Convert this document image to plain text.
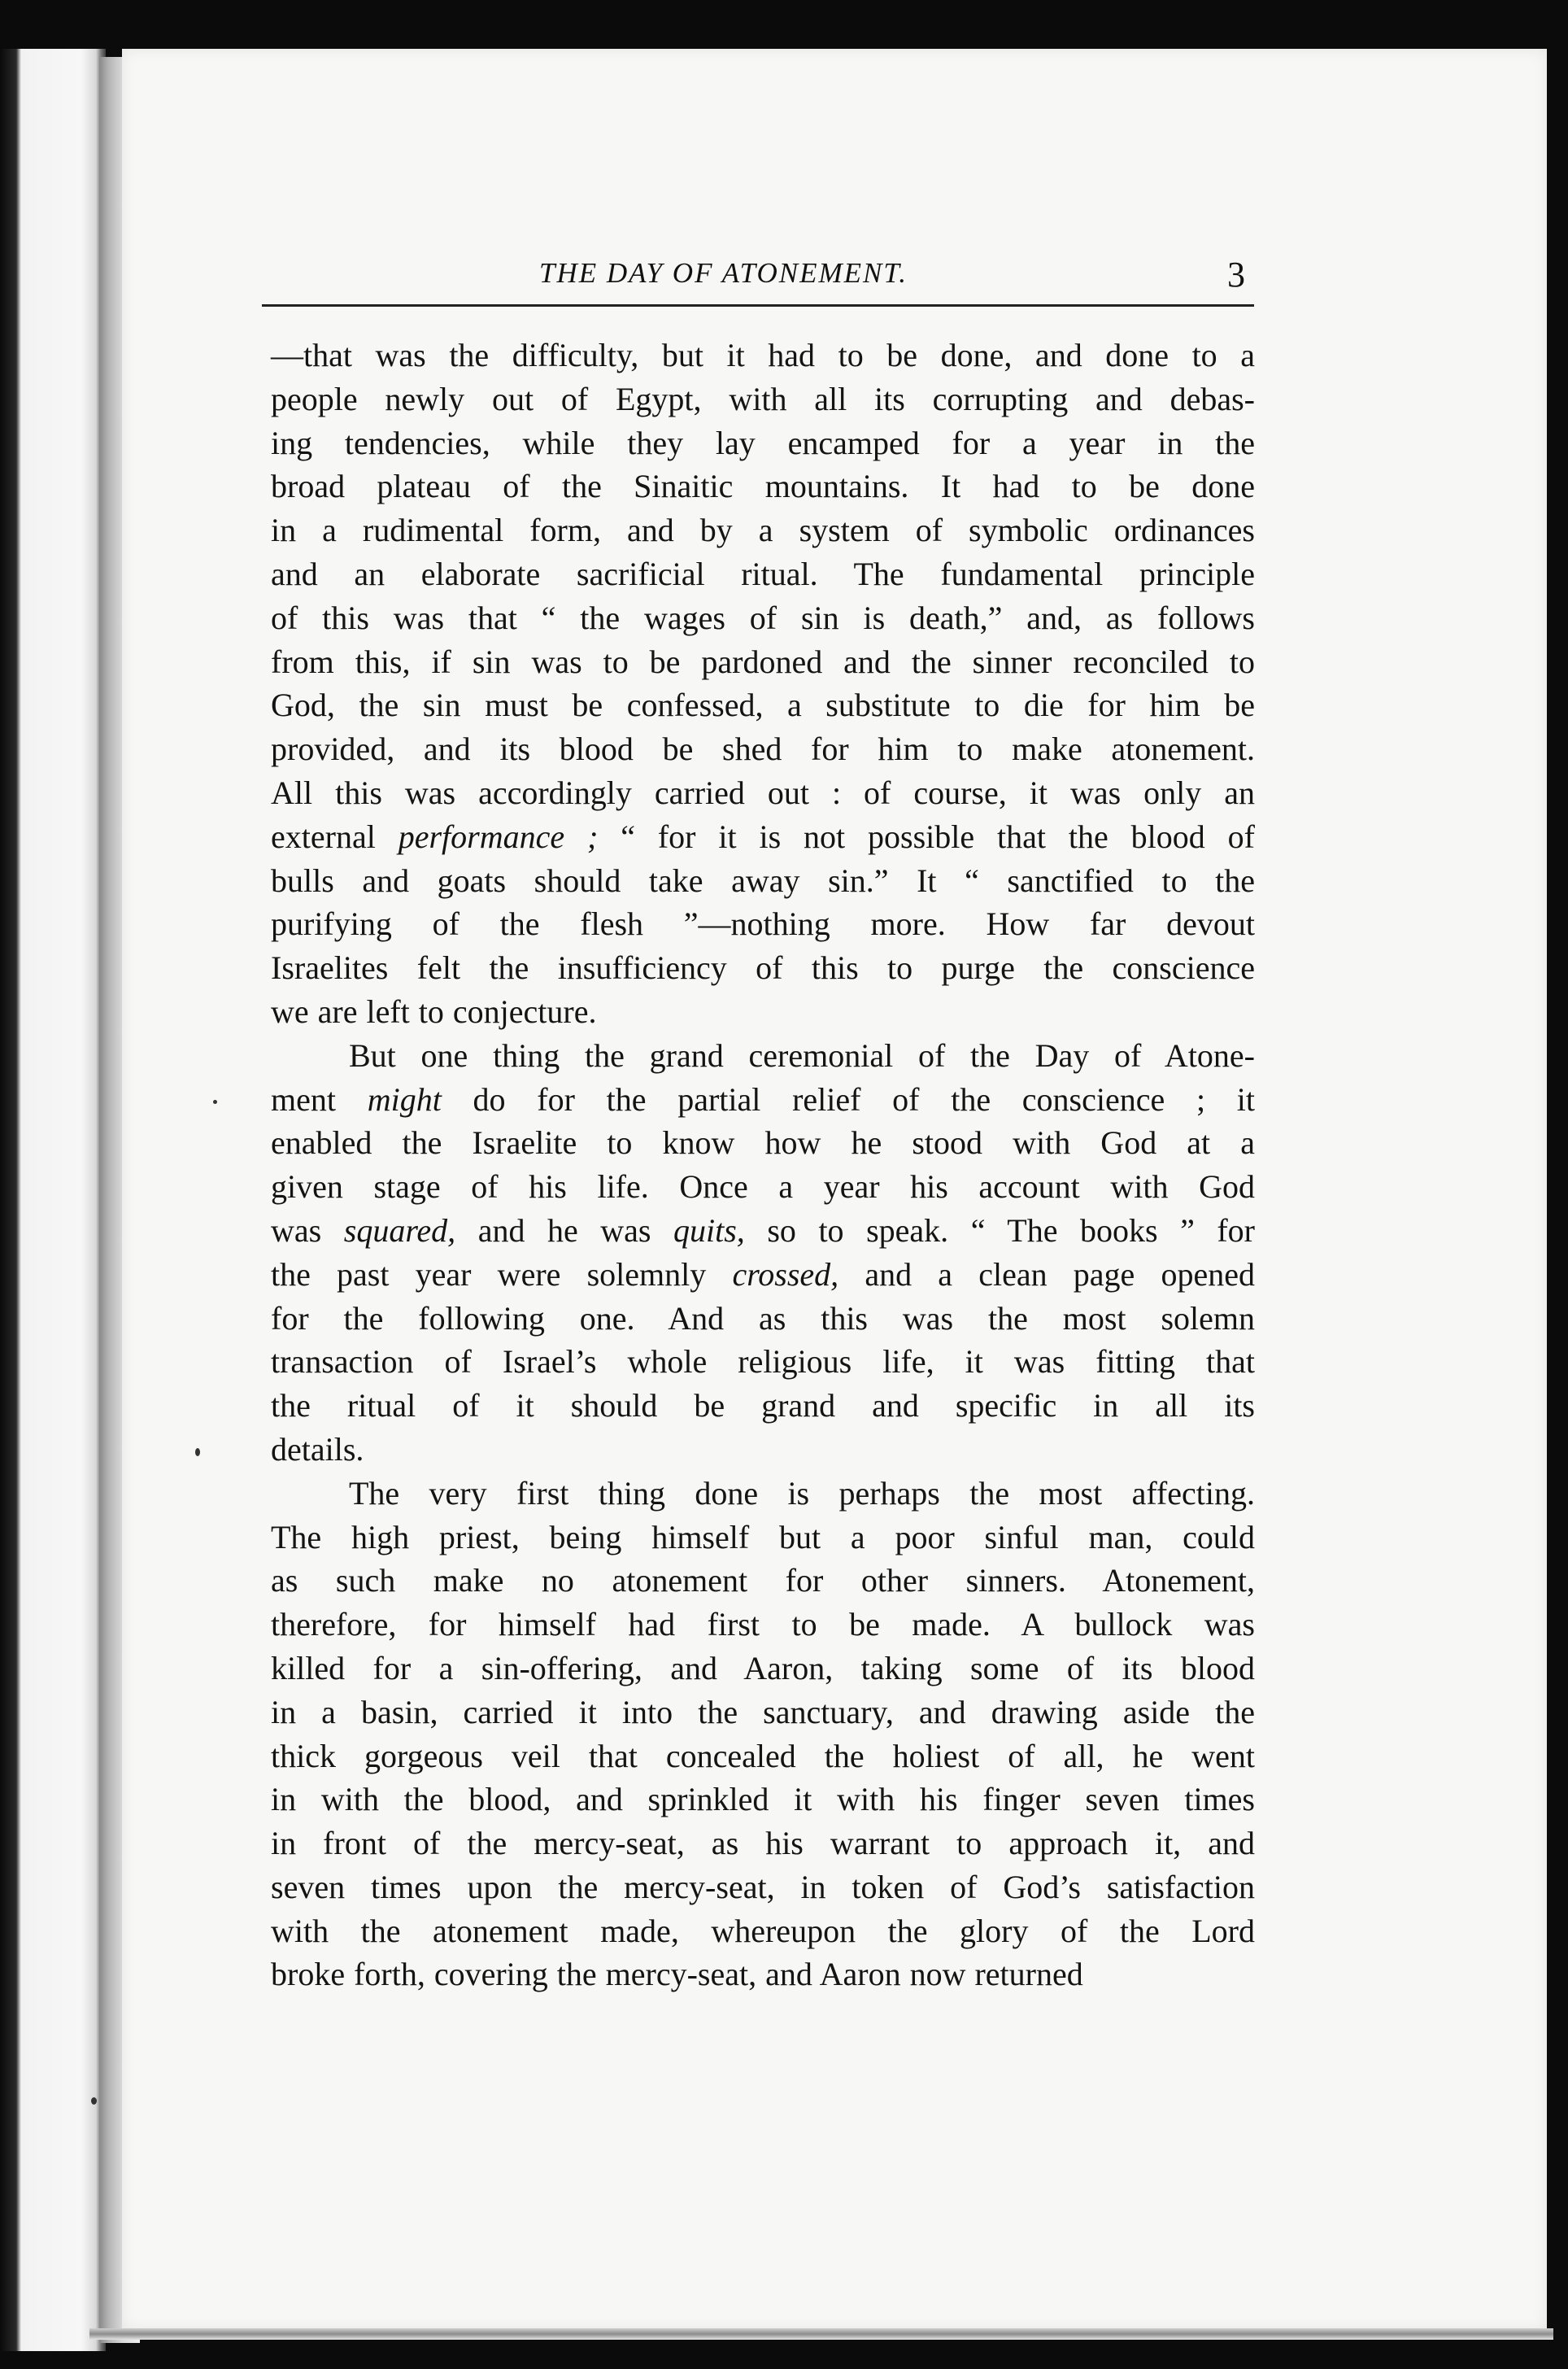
THE DAY OF ATONEMENT.	3
—that was the difficulty, but it had to be done, and done to a
people newly out of Egypt, with all its corrupting and debas-
ing tendencies, while they lay encamped for a year in the
broad plateau of the Sinaitic mountains. It had to be done
in a rudimental form, and by a system of symbolic ordinances
and an elaborate sacrificial ritual. The fundamental principle
of this was that “ the wages of sin is death,” and, as follows
from this, if sin was to be pardoned and the sinner reconciled to
God, the sin must be confessed, a substitute to die for him be
provided, and its blood be shed for him to make atonement.
All this was accordingly carried out : of course, it was only an
external performance ; “ for it is not possible that the blood of
bulls and goats should take away sin.” It “ sanctified to the
purifying of the flesh ”—nothing more. How far devout
Israelites felt the insufficiency of this to purge the conscience
we are left to conjecture.
But one thing the grand ceremonial of the Day of Atone-
ment might do for the partial relief of the conscience ; it
enabled the Israelite to know how he stood with God at a
given stage of his life. Once a year his account with God
was squared, and he was quits, so to speak. “ The books ” for
the past year were solemnly crossed, and a clean page opened
for the following one. And as this was the most solemn
transaction of Israel’s whole religious life, it was fitting that
the ritual of it should be grand and specific in all its
details.
The very first thing done is perhaps the most affecting.
The high priest, being himself but a poor sinful man, could
as such make no atonement for other sinners. Atonement,
therefore, for himself had first to be made. A bullock was
killed for a sin-offering, and Aaron, taking some of its blood
in a basin, carried it into the sanctuary, and drawing aside the
thick gorgeous veil that concealed the holiest of all, he went
in with the blood, and sprinkled it with his finger seven times
in front of the mercy-seat, as his warrant to approach it, and
seven times upon the mercy-seat, in token of God’s satisfaction
with the atonement made, whereupon the glory of the Lord
broke forth, covering the mercy-seat, and Aaron now returned
